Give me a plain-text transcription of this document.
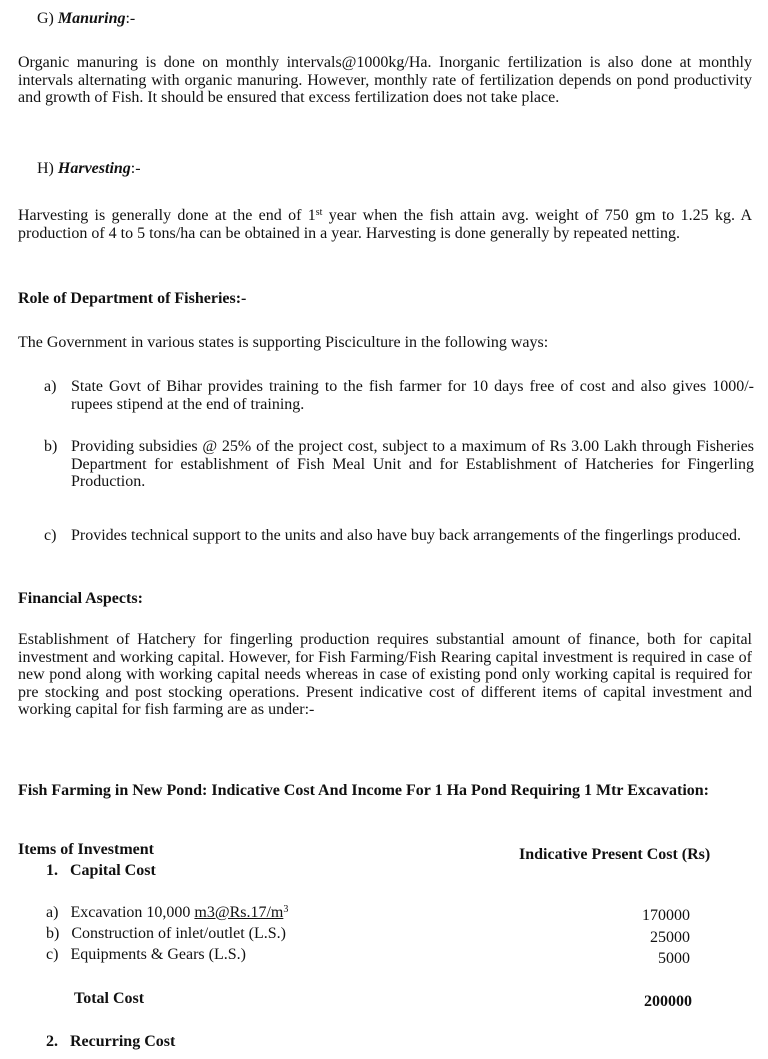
G) Manuring:-
Organic manuring is done on monthly intervals@1000kg/Ha. Inorganic fertilization is also done at monthly intervals alternating with organic manuring. However, monthly rate of fertilization depends on pond productivity and growth of Fish. It should be ensured that excess fertilization does not take place.
H) Harvesting:-
Harvesting is generally done at the end of 1st year when the fish attain avg. weight of 750 gm to 1.25 kg. A production of 4 to 5 tons/ha can be obtained in a year. Harvesting is done generally by repeated netting.
Role of Department of Fisheries:-
The Government in various states is supporting Pisciculture in the following ways:
a) State Govt of Bihar provides training to the fish farmer for 10 days free of cost and also gives 1000/- rupees stipend at the end of training.
b) Providing subsidies @ 25% of the project cost, subject to a maximum of Rs 3.00 Lakh through Fisheries Department for establishment of Fish Meal Unit and for Establishment of Hatcheries for Fingerling Production.
c) Provides technical support to the units and also have buy back arrangements of the fingerlings produced.
Financial Aspects:
Establishment of Hatchery for fingerling production requires substantial amount of finance, both for capital investment and working capital. However, for Fish Farming/Fish Rearing capital investment is required in case of new pond along with working capital needs whereas in case of existing pond only working capital is required for pre stocking and post stocking operations. Present indicative cost of different items of capital investment and working capital for fish farming are as under:-
Fish Farming in New Pond: Indicative Cost And Income For 1 Ha Pond Requiring 1 Mtr Excavation:
Items of Investment	Indicative Present Cost (Rs)
1. Capital Cost
a) Excavation 10,000 $m3@Rs.17/m^3$	170000
b) Construction of inlet/outlet (L.S.)	25000
c) Equipments & Gears (L.S.)	5000
Total Cost	200000
2. Recurring Cost
